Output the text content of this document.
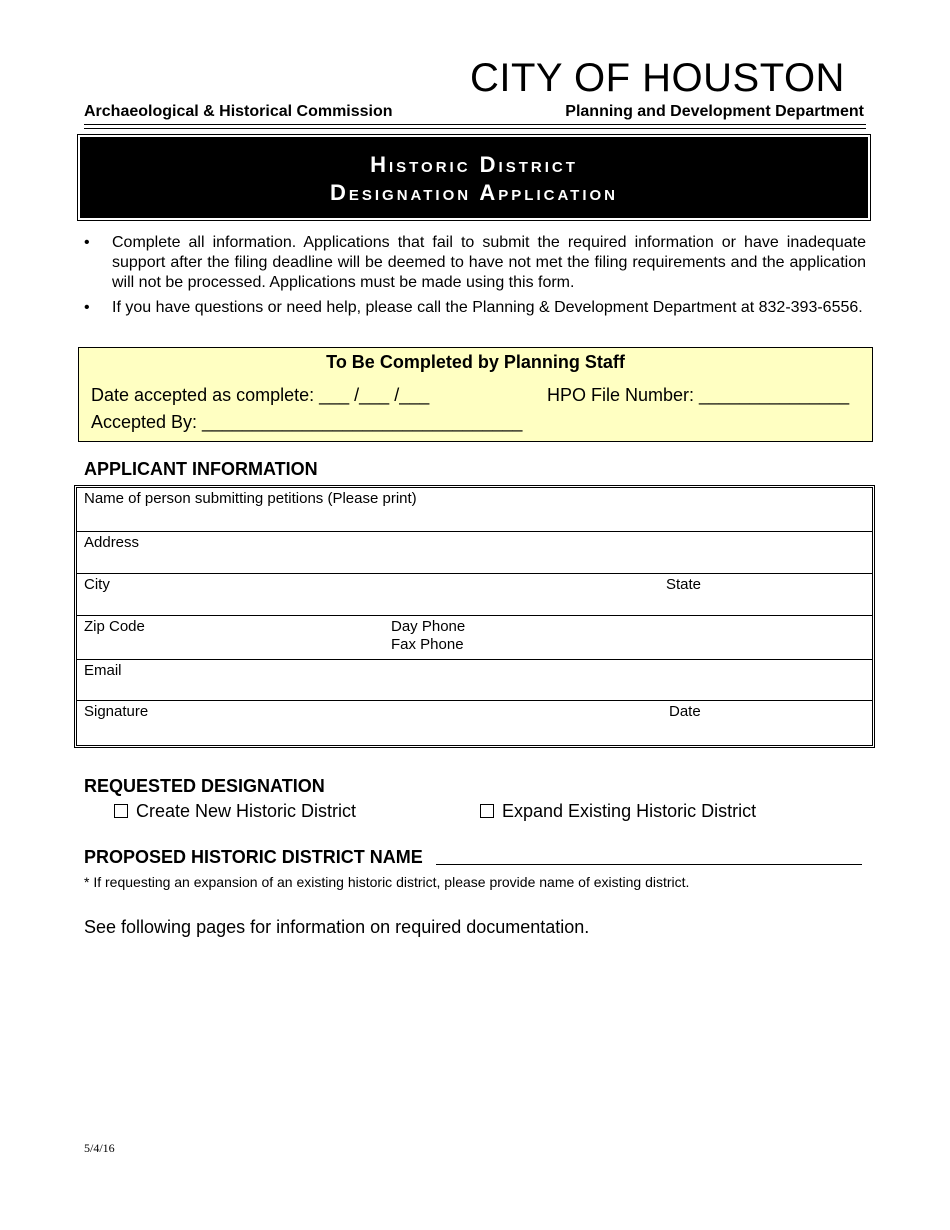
CITY OF HOUSTON
Archaeological & Historical Commission	Planning and Development Department
Historic District
Designation Application
• Complete all information. Applications that fail to submit the required information or have inadequate support after the filing deadline will be deemed to have not met the filing requirements and the application will not be processed. Applications must be made using this form.
• If you have questions or need help, please call the Planning & Development Department at 832-393-6556.
To Be Completed by Planning Staff
Date accepted as complete: ___ /___ /___	HPO File Number: _______________
Accepted By: ________________________________
APPLICANT INFORMATION
Name of person submitting petitions (Please print)
Address
City	State
Zip Code	Day Phone
Fax Phone
Email
Signature	Date
REQUESTED DESIGNATION
Create New Historic District	Expand Existing Historic District
PROPOSED HISTORIC DISTRICT NAME
* If requesting an expansion of an existing historic district, please provide name of existing district.
See following pages for information on required documentation.
5/4/16
